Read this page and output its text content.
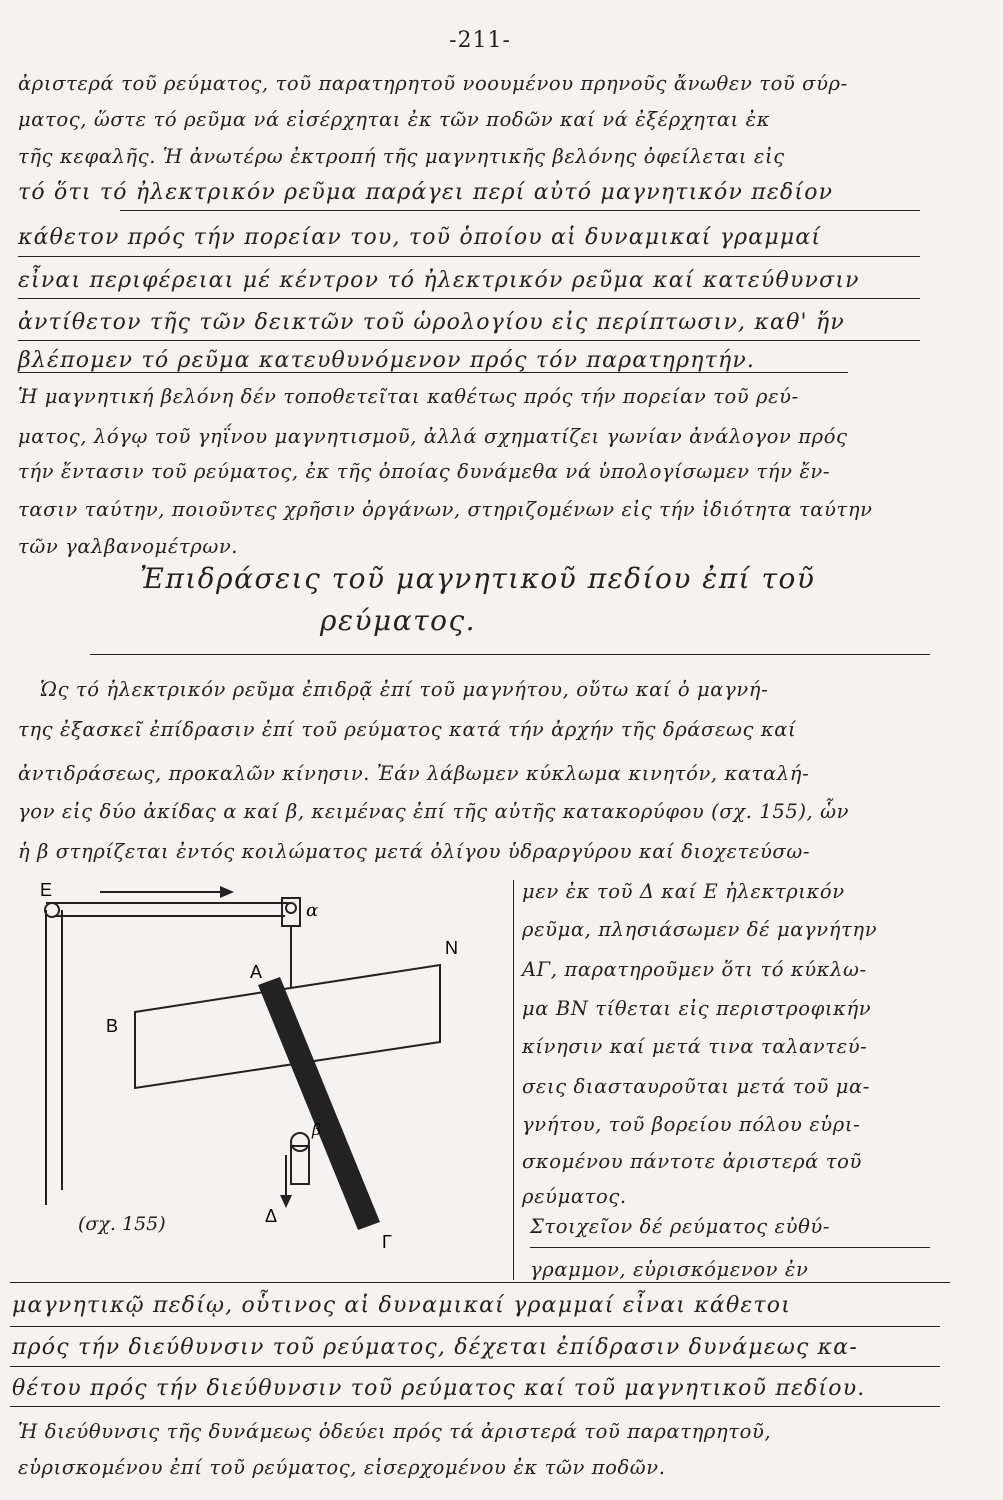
-211-
ἀριστερά τοῦ ρεύματος, τοῦ παρατηρητοῦ νοουμένου πρηνοῦς ἄνωθεν τοῦ σύρ-
ματος, ὥστε τό ρεῦμα νά εἰσέρχηται ἐκ τῶν ποδῶν καί νά ἐξέρχηται ἐκ
τῆς κεφαλῆς. Ἡ ἀνωτέρω ἐκτροπή τῆς μαγνητικῆς βελόνης ὀφείλεται εἰς
τό ὅτι τό ἠλεκτρικόν ρεῦμα παράγει περί αὐτό μαγνητικόν πεδίον
κάθετον πρός τήν πορείαν του, τοῦ ὁποίου αἱ δυναμικαί γραμμαί
εἶναι περιφέρειαι μέ κέντρον τό ἠλεκτρικόν ρεῦμα καί κατεύθυνσιν
ἀντίθετον τῆς τῶν δεικτῶν τοῦ ὡρολογίου εἰς περίπτωσιν, καθ' ἥν
βλέπομεν τό ρεῦμα κατευθυνόμενον πρός τόν παρατηρητήν.
Ἡ μαγνητική βελόνη δέν τοποθετεῖται καθέτως πρός τήν πορείαν τοῦ ρεύ-
ματος, λόγῳ τοῦ γηΐνου μαγνητισμοῦ, ἀλλά σχηματίζει γωνίαν ἀνάλογον πρός
τήν ἔντασιν τοῦ ρεύματος, ἐκ τῆς ὁποίας δυνάμεθα νά ὑπολογίσωμεν τήν ἔν-
τασιν ταύτην, ποιοῦντες χρῆσιν ὀργάνων, στηριζομένων εἰς τήν ἰδιότητα ταύτην
τῶν γαλβανομέτρων.
Ἐπιδράσεις τοῦ μαγνητικοῦ πεδίου ἐπί τοῦ
ρεύματος.
Ὡς τό ἠλεκτρικόν ρεῦμα ἐπιδρᾷ ἐπί τοῦ μαγνήτου, οὕτω καί ὁ μαγνή-
της ἐξασκεῖ ἐπίδρασιν ἐπί τοῦ ρεύματος κατά τήν ἀρχήν τῆς δράσεως καί
ἀντιδράσεως, προκαλῶν κίνησιν. Ἐάν λάβωμεν κύκλωμα κινητόν, καταλή-
γον εἰς δύο ἀκίδας α καί β, κειμένας ἐπί τῆς αὐτῆς κατακορύφου (σχ. 155), ὧν
ἡ β στηρίζεται ἐντός κοιλώματος μετά ὀλίγου ὑδραργύρου καί διοχετεύσω-
μεν ἐκ τοῦ Δ καί Ε ἠλεκτρικόν
ρεῦμα, πλησιάσωμεν δέ μαγνήτην
ΑΓ, παρατηροῦμεν ὅτι τό κύκλω-
μα ΒΝ τίθεται εἰς περιστροφικήν
κίνησιν καί μετά τινα ταλαντεύ-
σεις διασταυροῦται μετά τοῦ μα-
γνήτου, τοῦ βορείου πόλου εὑρι-
σκομένου πάντοτε ἀριστερά τοῦ
ρεύματος.
Στοιχεῖον δέ ρεύματος εὐθύ-
γραμμον, εὑρισκόμενον ἐν
μαγνητικῷ πεδίῳ, οὗτινος αἱ δυναμικαί γραμμαί εἶναι κάθετοι
πρός τήν διεύθυνσιν τοῦ ρεύματος, δέχεται ἐπίδρασιν δυνάμεως κα-
θέτου πρός τήν διεύθυνσιν τοῦ ρεύματος καί τοῦ μαγνητικοῦ πεδίου.
Ἡ διεύθυνσις τῆς δυνάμεως ὁδεύει πρός τά ἀριστερά τοῦ παρατηρητοῦ,
εὑρισκομένου ἐπί τοῦ ρεύματος, εἰσερχομένου ἐκ τῶν ποδῶν.
Ε
α
N
A
B
β
Δ
Γ
(σχ. 155)
